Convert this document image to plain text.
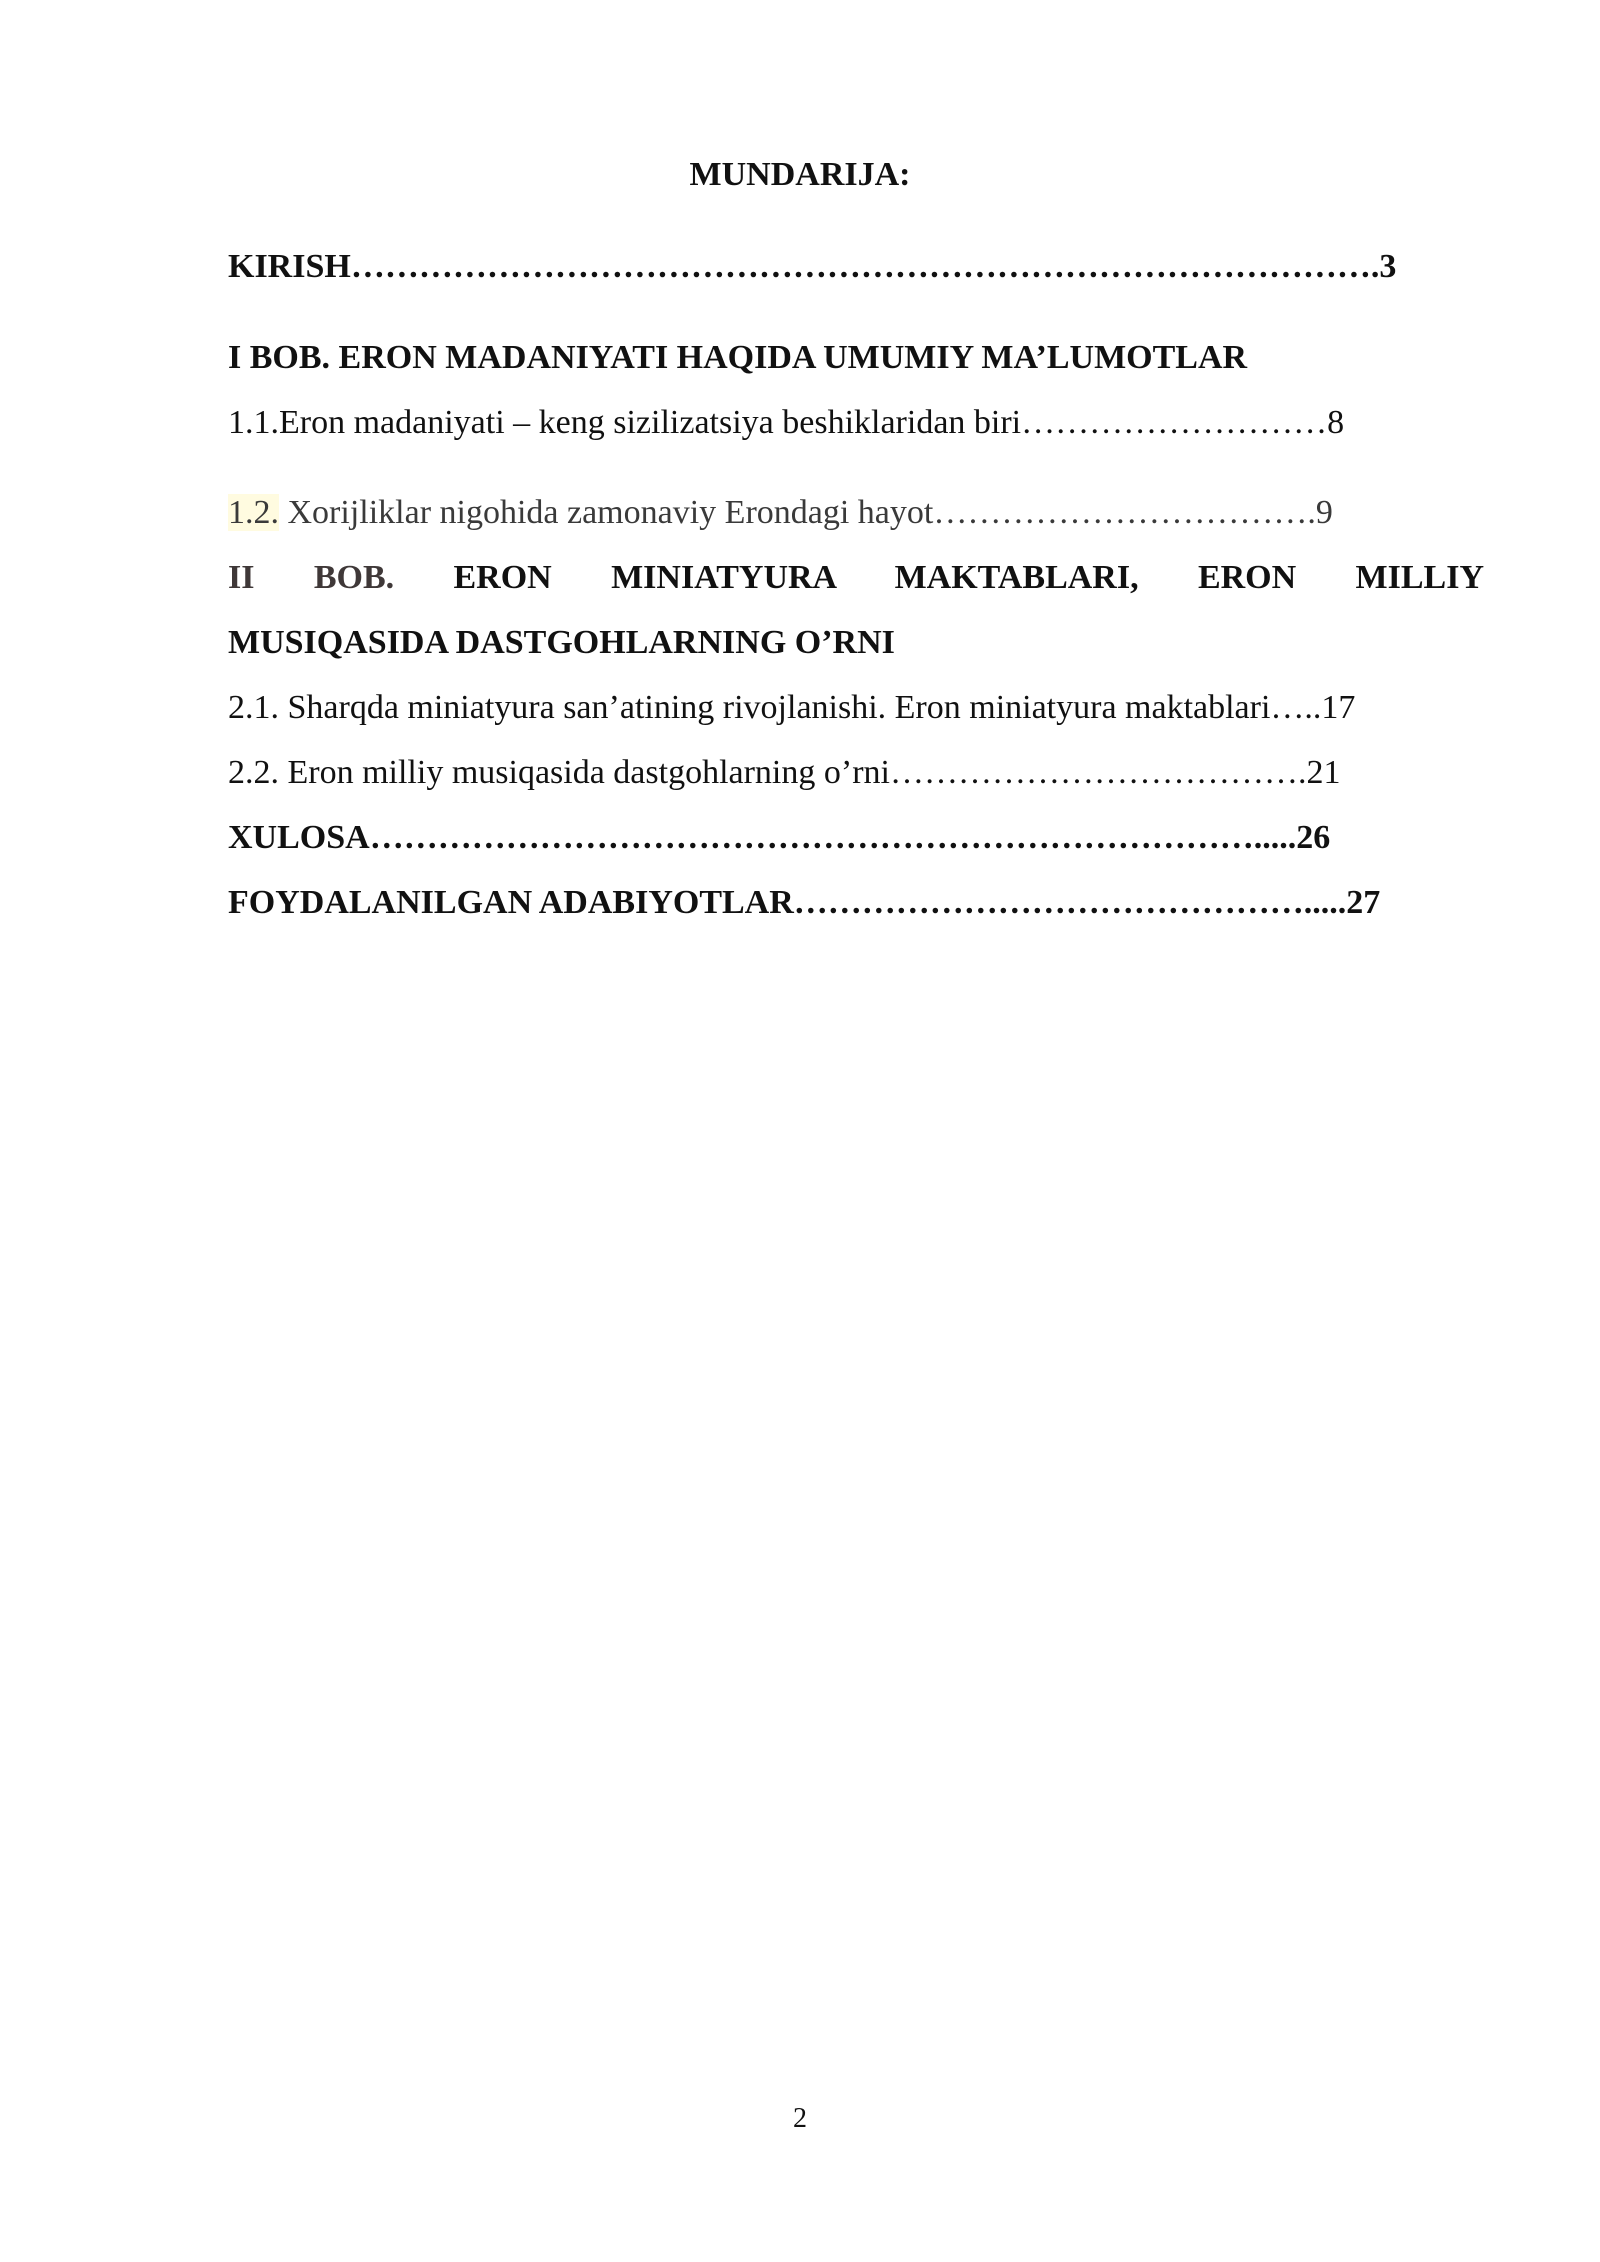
MUNDARIJA:

KIRISH……………………………………………………………………………….3

I BOB. ERON MADANIYATI HAQIDA UMUMIY MA’LUMOTLAR

1.1.Eron madaniyati – keng sizilizatsiya beshiklaridan biri………………………8

1.2. Xorijliklar nigohida zamonaviy Erondagi hayot…………………………….9

II BOB. ERON MINIATYURA MAKTABLARI, ERON MILLIY

MUSIQASIDA DASTGOHLARNING O’RNI

2.1. Sharqda miniatyura san’atining rivojlanishi. Eron miniatyura maktablari…..17

2.2. Eron milliy musiqasida dastgohlarning o’rni……………………………….21

XULOSA…………………………………………………………………….....26

FOYDALANILGAN ADABIYOTLAR……………………………………….....27

2
